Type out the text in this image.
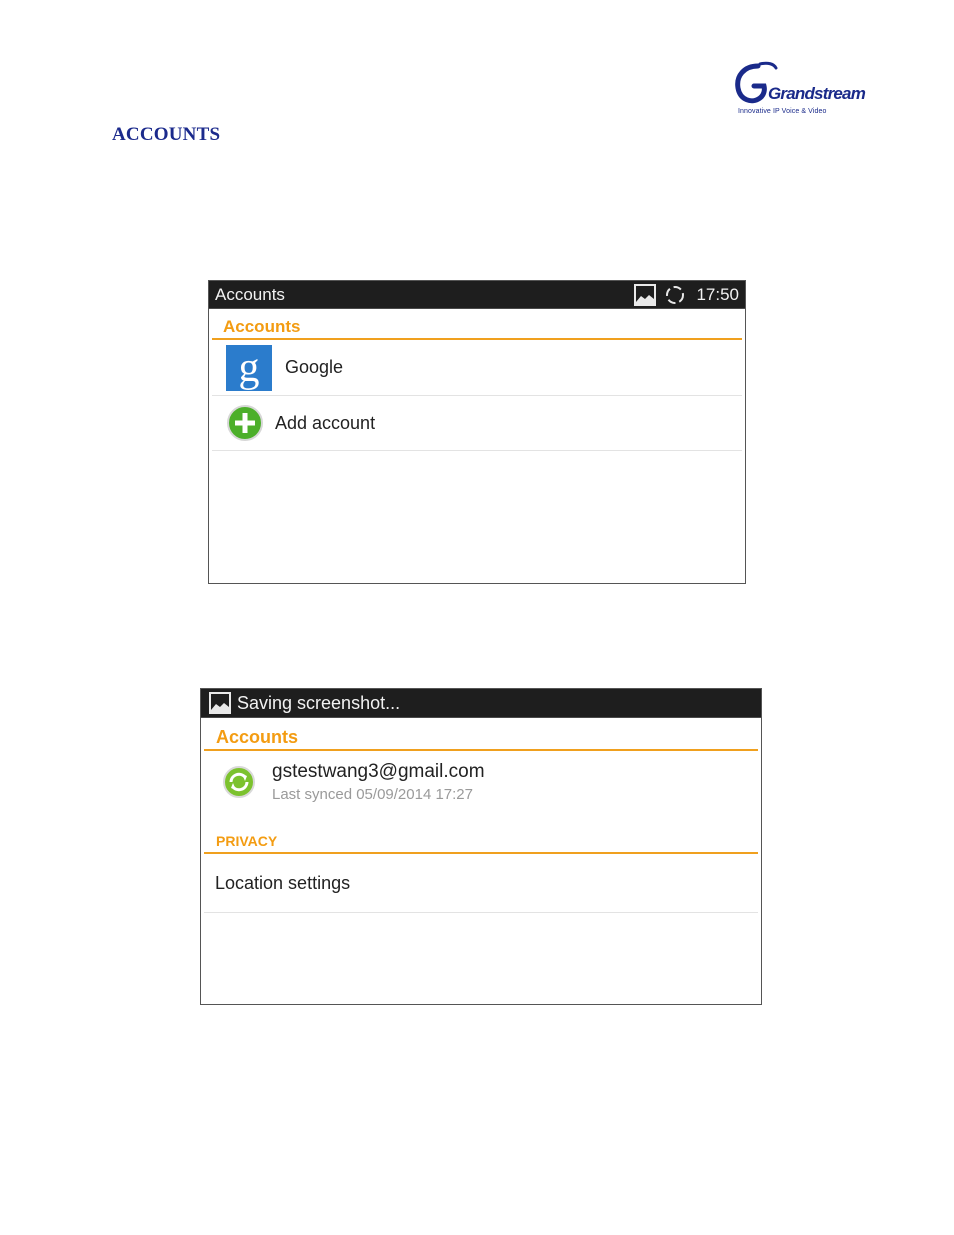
Grandstream
Innovative IP Voice & Video
ACCOUNTS
Accounts	17:50
Accounts
g	Google
Add account
Saving screenshot...
Accounts
gstestwang3@gmail.com
Last synced 05/09/2014 17:27
PRIVACY
Location settings
